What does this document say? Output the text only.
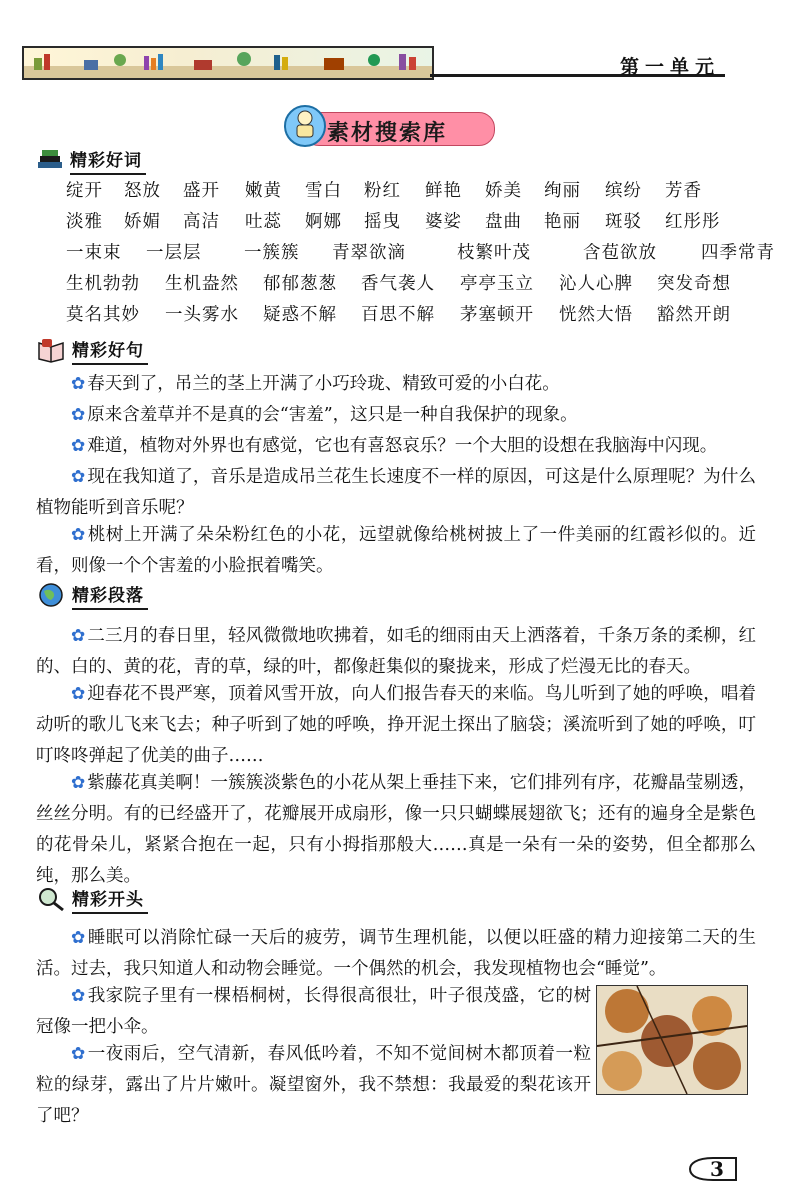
第一单元
素材搜索库
精彩好词
绽开	怒放	盛开	嫩黄	雪白	粉红	鲜艳	娇美	绚丽	缤纷	芳香
淡雅	娇媚	高洁	吐蕊	婀娜	摇曳	婆娑	盘曲	艳丽	斑驳	红彤彤
一束束	一层层	一簇簇	青翠欲滴	枝繁叶茂	含苞欲放	四季常青
生机勃勃	生机盎然	郁郁葱葱	香气袭人	亭亭玉立	沁人心脾	突发奇想
莫名其妙	一头雾水	疑惑不解	百思不解	茅塞顿开	恍然大悟	豁然开朗
精彩好句

✿ 春天到了，吊兰的茎上开满了小巧玲珑、精致可爱的小白花。

✿ 原来含羞草并不是真的会“害羞”，这只是一种自我保护的现象。

✿ 难道，植物对外界也有感觉，它也有喜怒哀乐？一个大胆的设想在我脑海中闪现。

✿ 现在我知道了，音乐是造成吊兰花生长速度不一样的原因，可这是什么原理呢？为什么植物能听到音乐呢？

✿ 桃树上开满了朵朵粉红色的小花，远望就像给桃树披上了一件美丽的红霞衫似的。近看，则像一个个害羞的小脸抿着嘴笑。

精彩段落

✿ 二三月的春日里，轻风微微地吹拂着，如毛的细雨由天上洒落着，千条万条的柔柳，红的、白的、黄的花，青的草，绿的叶，都像赶集似的聚拢来，形成了烂漫无比的春天。

✿ 迎春花不畏严寒，顶着风雪开放，向人们报告春天的来临。鸟儿听到了她的呼唤，唱着动听的歌儿飞来飞去；种子听到了她的呼唤，挣开泥土探出了脑袋；溪流听到了她的呼唤，叮叮咚咚弹起了优美的曲子……

✿ 紫藤花真美啊！一簇簇淡紫色的小花从架上垂挂下来，它们排列有序，花瓣晶莹剔透，丝丝分明。有的已经盛开了，花瓣展开成扇形，像一只只蝴蝶展翅欲飞；还有的遍身全是紫色的花骨朵儿，紧紧合抱在一起，只有小拇指那般大……真是一朵有一朵的姿势，但全都那么纯，那么美。

精彩开头

✿ 睡眠可以消除忙碌一天后的疲劳，调节生理机能，以便以旺盛的精力迎接第二天的生活。过去，我只知道人和动物会睡觉。一个偶然的机会，我发现植物也会“睡觉”。

✿ 我家院子里有一棵梧桐树，长得很高很壮，叶子很茂盛，它的树冠像一把小伞。

✿ 一夜雨后，空气清新，春风低吟着，不知不觉间树木都顶着一粒粒的绿芽，露出了片片嫩叶。凝望窗外，我不禁想：我最爱的梨花该开了吧？

3
